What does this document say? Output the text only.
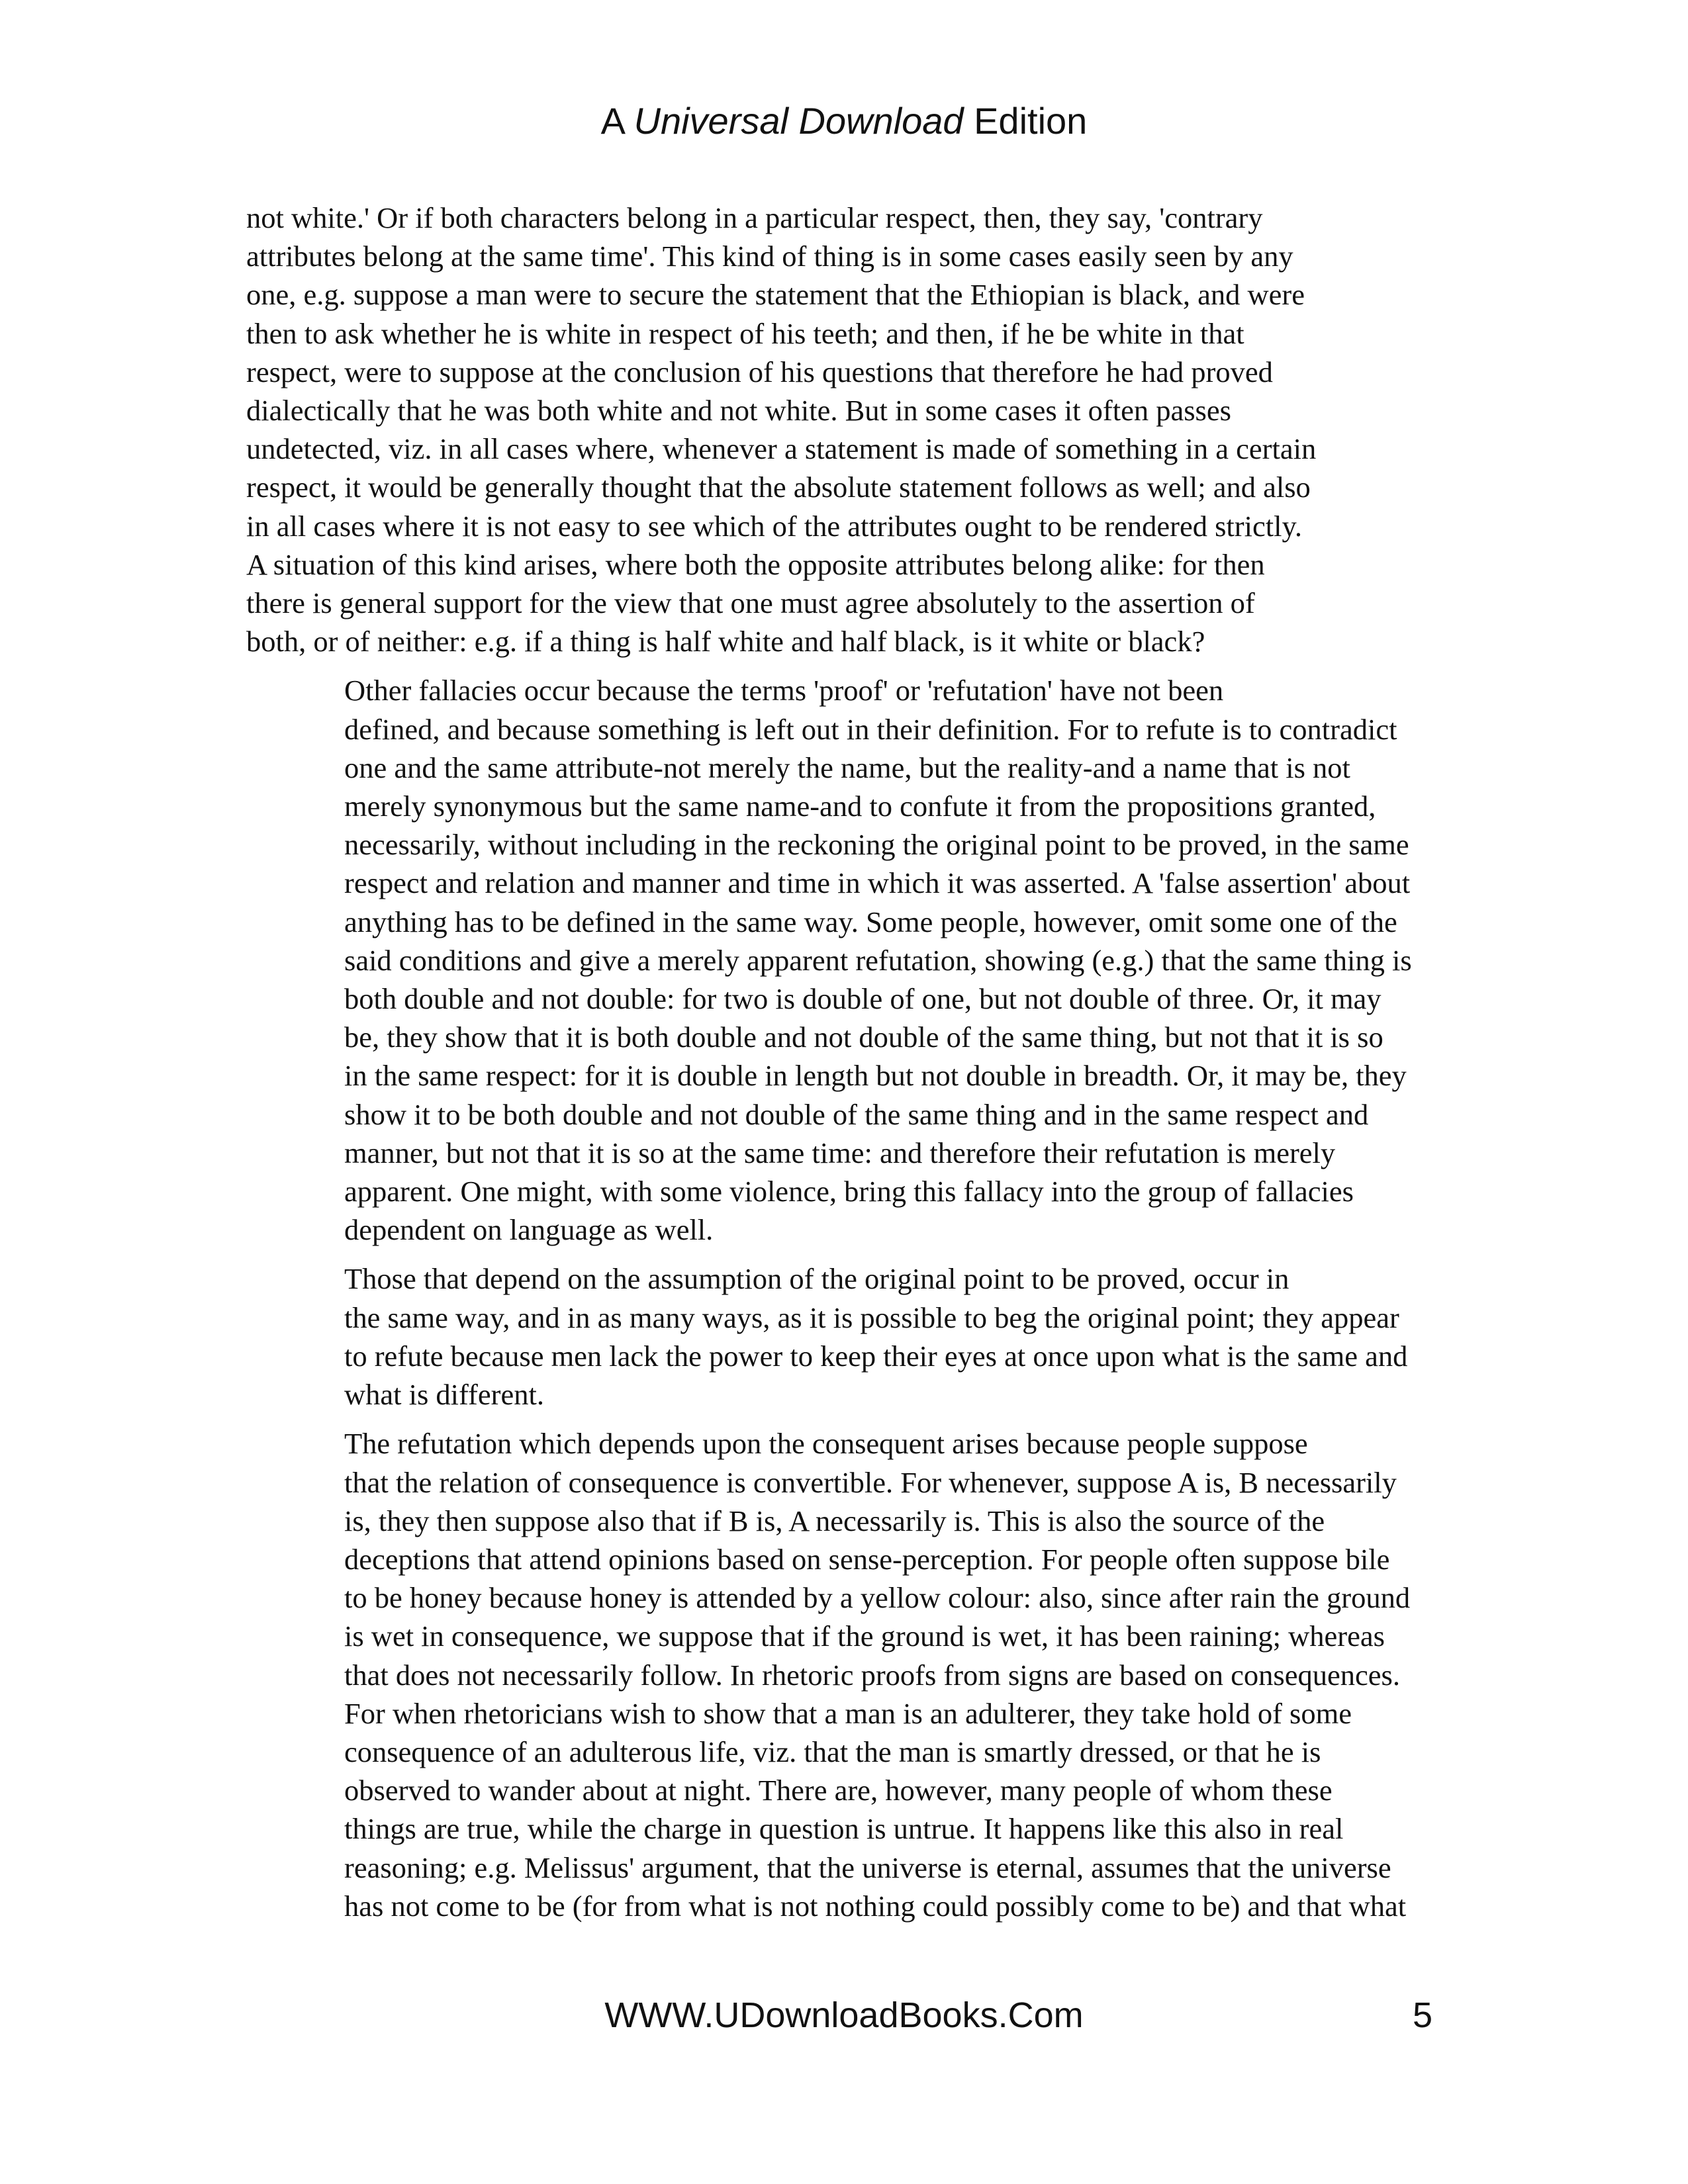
A Universal Download Edition
not white.' Or if both characters belong in a particular respect, then, they say, 'contrary
attributes belong at the same time'. This kind of thing is in some cases easily seen by any
one, e.g. suppose a man were to secure the statement that the Ethiopian is black, and were
then to ask whether he is white in respect of his teeth; and then, if he be white in that
respect, were to suppose at the conclusion of his questions that therefore he had proved
dialectically that he was both white and not white. But in some cases it often passes
undetected, viz. in all cases where, whenever a statement is made of something in a certain
respect, it would be generally thought that the absolute statement follows as well; and also
in all cases where it is not easy to see which of the attributes ought to be rendered strictly.
A situation of this kind arises, where both the opposite attributes belong alike: for then
there is general support for the view that one must agree absolutely to the assertion of
both, or of neither: e.g. if a thing is half white and half black, is it white or black?
Other fallacies occur because the terms 'proof' or 'refutation' have not been
defined, and because something is left out in their definition. For to refute is to contradict
one and the same attribute-not merely the name, but the reality-and a name that is not
merely synonymous but the same name-and to confute it from the propositions granted,
necessarily, without including in the reckoning the original point to be proved, in the same
respect and relation and manner and time in which it was asserted. A 'false assertion' about
anything has to be defined in the same way. Some people, however, omit some one of the
said conditions and give a merely apparent refutation, showing (e.g.) that the same thing is
both double and not double: for two is double of one, but not double of three. Or, it may
be, they show that it is both double and not double of the same thing, but not that it is so
in the same respect: for it is double in length but not double in breadth. Or, it may be, they
show it to be both double and not double of the same thing and in the same respect and
manner, but not that it is so at the same time: and therefore their refutation is merely
apparent. One might, with some violence, bring this fallacy into the group of fallacies
dependent on language as well.
Those that depend on the assumption of the original point to be proved, occur in
the same way, and in as many ways, as it is possible to beg the original point; they appear
to refute because men lack the power to keep their eyes at once upon what is the same and
what is different.
The refutation which depends upon the consequent arises because people suppose
that the relation of consequence is convertible. For whenever, suppose A is, B necessarily
is, they then suppose also that if B is, A necessarily is. This is also the source of the
deceptions that attend opinions based on sense-perception. For people often suppose bile
to be honey because honey is attended by a yellow colour: also, since after rain the ground
is wet in consequence, we suppose that if the ground is wet, it has been raining; whereas
that does not necessarily follow. In rhetoric proofs from signs are based on consequences.
For when rhetoricians wish to show that a man is an adulterer, they take hold of some
consequence of an adulterous life, viz. that the man is smartly dressed, or that he is
observed to wander about at night. There are, however, many people of whom these
things are true, while the charge in question is untrue. It happens like this also in real
reasoning; e.g. Melissus' argument, that the universe is eternal, assumes that the universe
has not come to be (for from what is not nothing could possibly come to be) and that what
WWW.UDownloadBooks.Com	5
